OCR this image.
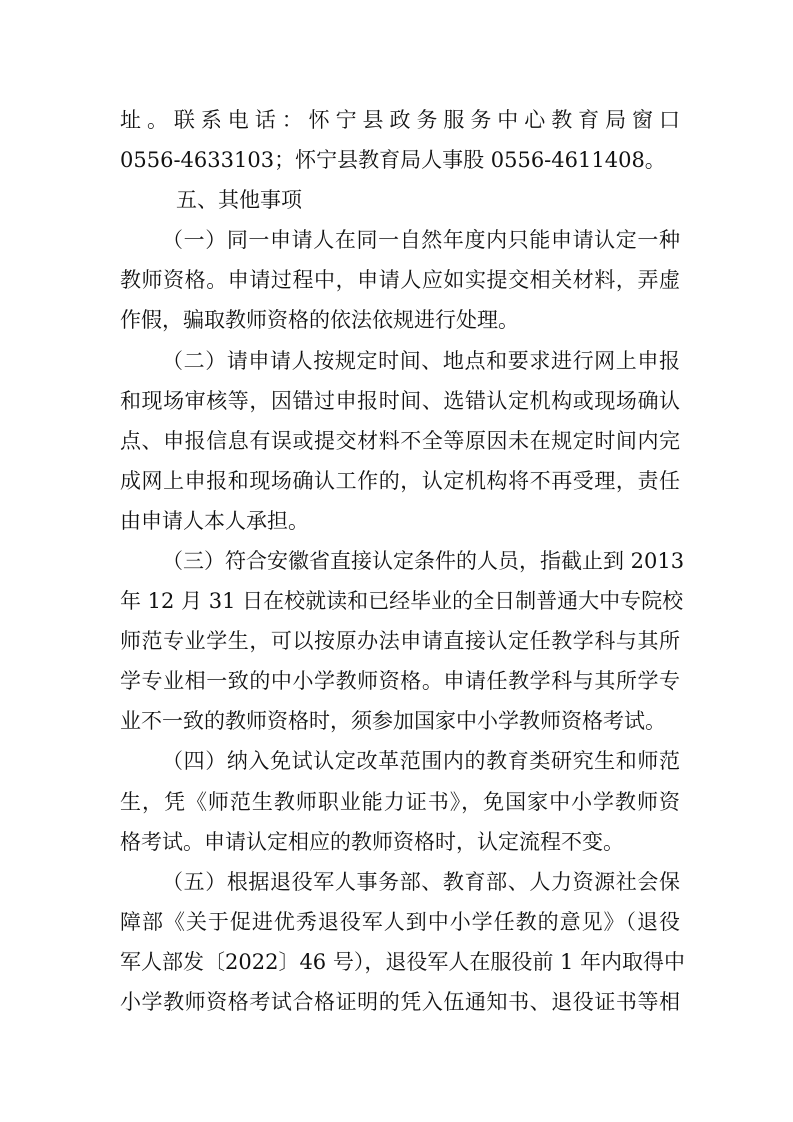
址。联系电话：怀宁县政务服务中心教育局窗口
0556-4633103；怀宁县教育局人事股 0556-4611408。
五、其他事项
（一）同一申请人在同一自然年度内只能申请认定一种
教师资格。申请过程中，申请人应如实提交相关材料，弄虚
作假，骗取教师资格的依法依规进行处理。
（二）请申请人按规定时间、地点和要求进行网上申报
和现场审核等，因错过申报时间、选错认定机构或现场确认
点、申报信息有误或提交材料不全等原因未在规定时间内完
成网上申报和现场确认工作的，认定机构将不再受理，责任
由申请人本人承担。
（三）符合安徽省直接认定条件的人员，指截止到 2013
年 12 月 31 日在校就读和已经毕业的全日制普通大中专院校
师范专业学生，可以按原办法申请直接认定任教学科与其所
学专业相一致的中小学教师资格。申请任教学科与其所学专
业不一致的教师资格时，须参加国家中小学教师资格考试。
（四）纳入免试认定改革范围内的教育类研究生和师范
生，凭《师范生教师职业能力证书》，免国家中小学教师资
格考试。申请认定相应的教师资格时，认定流程不变。
（五）根据退役军人事务部、教育部、人力资源社会保
障部《关于促进优秀退役军人到中小学任教的意见》（退役
军人部发〔2022〕46 号），退役军人在服役前 1 年内取得中
小学教师资格考试合格证明的凭入伍通知书、退役证书等相
